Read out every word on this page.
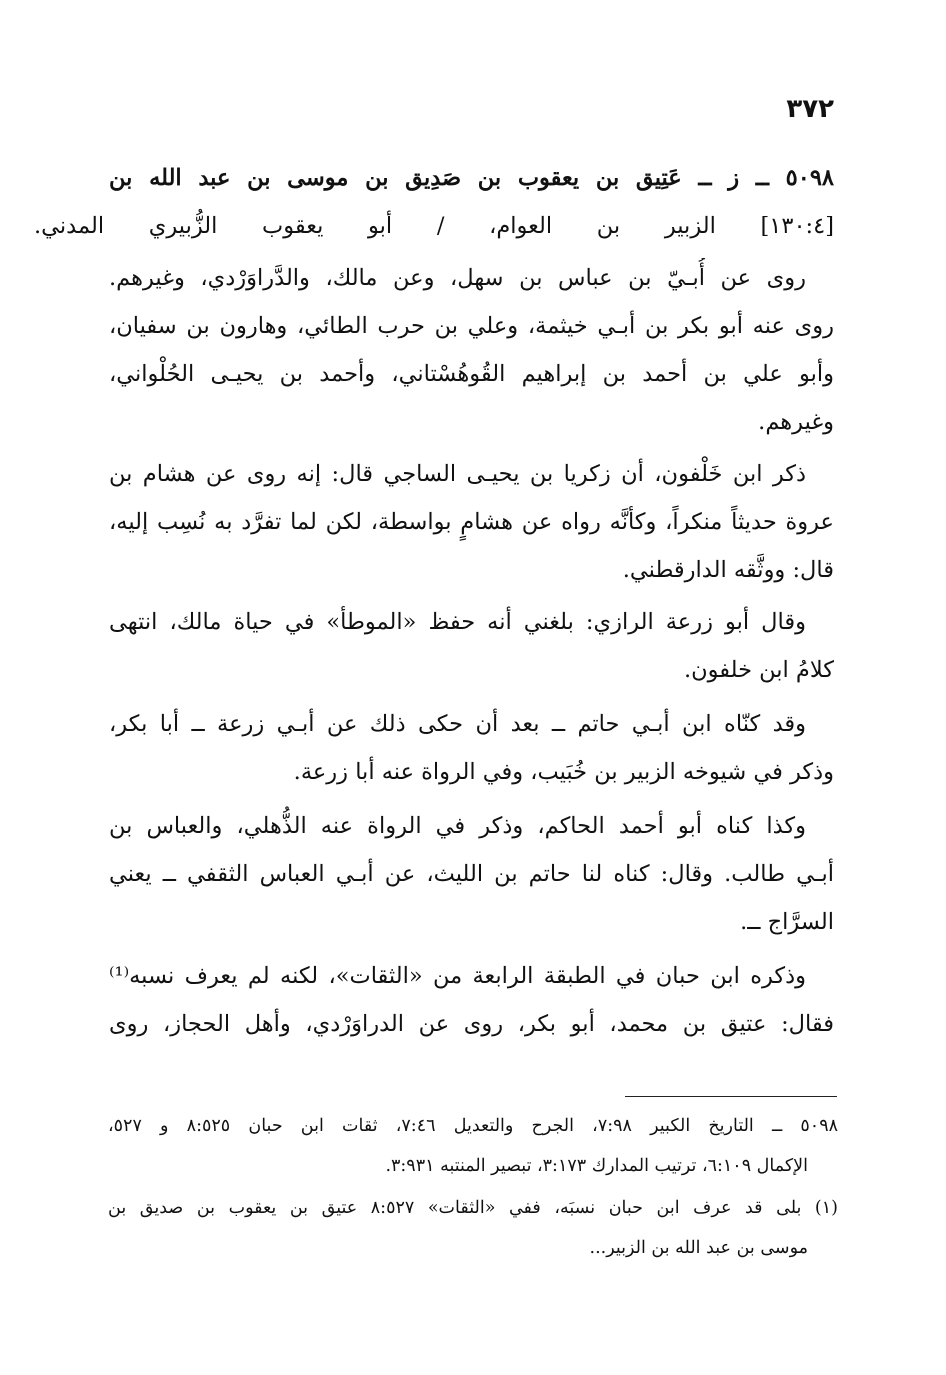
٣٧٢
٥٠٩٨ ــ ز ــ عَتِيق بن يعقوب بن صَدِيق بن موسى بن عبد الله بن
[١٣٠:٤] الزبير بن العوام، / أبو يعقوب الزُّبيري المدني.
روى عن أُبـيّ بن عباس بن سهل، وعن مالك، والدَّراوَرْدي، وغيرهم.
روى عنه أبو بكر بن أبـي خيثمة، وعلي بن حرب الطائي، وهارون بن سفيان،
وأبو علي بن أحمد بن إبراهيم القُوهُسْتاني، وأحمد بن يحيـى الحُلْواني،
وغيرهم.
ذكر ابن خَلْفون، أن زكريا بن يحيـى الساجي قال: إنه روى عن هشام بن
عروة حديثاً منكراً، وكأنَّه رواه عن هشامٍ بواسطة، لكن لما تفرَّد به نُسِب إليه،
قال: ووثَّقه الدارقطني.
وقال أبو زرعة الرازي: بلغني أنه حفظ «الموطأ» في حياة مالك، انتهى
كلامُ ابن خلفون.
وقد كنّاه ابن أبـي حاتم ــ بعد أن حكى ذلك عن أبـي زرعة ــ أبا بكر،
وذكر في شيوخه الزبير بن خُبَيب، وفي الرواة عنه أبا زرعة.
وكذا كناه أبو أحمد الحاكم، وذكر في الرواة عنه الذُّهلي، والعباس بن
أبـي طالب. وقال: كناه لنا حاتم بن الليث، عن أبـي العباس الثقفي ــ يعني
السرَّاج ــ.
وذكره ابن حبان في الطبقة الرابعة من «الثقات»، لكنه لم يعرف نسبه⁽¹⁾
فقال: عتيق بن محمد، أبو بكر، روى عن الدراوَرْدي، وأهل الحجاز، روى
٥٠٩٨ ــ التاريخ الكبير ٧:٩٨، الجرح والتعديل ٧:٤٦، ثقات ابن حبان ٨:٥٢٥ و ٥٢٧،
الإكمال ٦:١٠٩، ترتيب المدارك ٣:١٧٣، تبصير المنتبه ٣:٩٣١.
(١) بلى قد عرف ابن حبان نسبَه، ففي «الثقات» ٨:٥٢٧ عتيق بن يعقوب بن صديق بن
موسى بن عبد الله بن الزبير...
